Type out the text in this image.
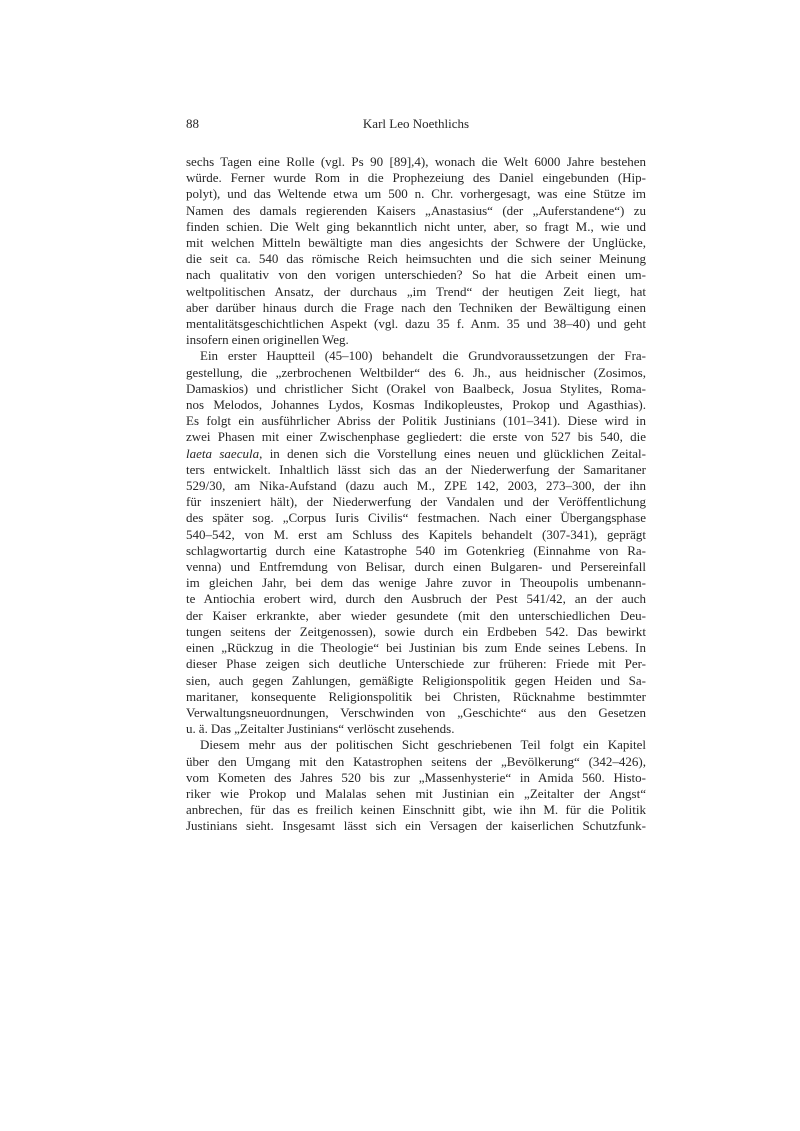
88	Karl Leo Noethlichs
sechs Tagen eine Rolle (vgl. Ps 90 [89],4), wonach die Welt 6000 Jahre bestehen
würde. Ferner wurde Rom in die Prophezeiung des Daniel eingebunden (Hip-
polyt), und das Weltende etwa um 500 n. Chr. vorhergesagt, was eine Stütze im
Namen des damals regierenden Kaisers „Anastasius“ (der „Auferstandene“) zu
finden schien. Die Welt ging bekanntlich nicht unter, aber, so fragt M., wie und
mit welchen Mitteln bewältigte man dies angesichts der Schwere der Unglücke,
die seit ca. 540 das römische Reich heimsuchten und die sich seiner Meinung
nach qualitativ von den vorigen unterschieden? So hat die Arbeit einen um-
weltpolitischen Ansatz, der durchaus „im Trend“ der heutigen Zeit liegt, hat
aber darüber hinaus durch die Frage nach den Techniken der Bewältigung einen
mentalitätsgeschichtlichen Aspekt (vgl. dazu 35 f. Anm. 35 und 38–40) und geht
insofern einen originellen Weg.
Ein erster Hauptteil (45–100) behandelt die Grundvoraussetzungen der Fra-
gestellung, die „zerbrochenen Weltbilder“ des 6. Jh., aus heidnischer (Zosimos,
Damaskios) und christlicher Sicht (Orakel von Baalbeck, Josua Stylites, Roma-
nos Melodos, Johannes Lydos, Kosmas Indikopleustes, Prokop und Agasthias).
Es folgt ein ausführlicher Abriss der Politik Justinians (101–341). Diese wird in
zwei Phasen mit einer Zwischenphase gegliedert: die erste von 527 bis 540, die
laeta saecula, in denen sich die Vorstellung eines neuen und glücklichen Zeital-
ters entwickelt. Inhaltlich lässt sich das an der Niederwerfung der Samaritaner
529/30, am Nika-Aufstand (dazu auch M., ZPE 142, 2003, 273–300, der ihn
für inszeniert hält), der Niederwerfung der Vandalen und der Veröffentlichung
des später sog. „Corpus Iuris Civilis“ festmachen. Nach einer Übergangsphase
540–542, von M. erst am Schluss des Kapitels behandelt (307-341), geprägt
schlagwortartig durch eine Katastrophe 540 im Gotenkrieg (Einnahme von Ra-
venna) und Entfremdung von Belisar, durch einen Bulgaren- und Persereinfall
im gleichen Jahr, bei dem das wenige Jahre zuvor in Theoupolis umbenann-
te Antiochia erobert wird, durch den Ausbruch der Pest 541/42, an der auch
der Kaiser erkrankte, aber wieder gesundete (mit den unterschiedlichen Deu-
tungen seitens der Zeitgenossen), sowie durch ein Erdbeben 542. Das bewirkt
einen „Rückzug in die Theologie“ bei Justinian bis zum Ende seines Lebens. In
dieser Phase zeigen sich deutliche Unterschiede zur früheren: Friede mit Per-
sien, auch gegen Zahlungen, gemäßigte Religionspolitik gegen Heiden und Sa-
maritaner, konsequente Religionspolitik bei Christen, Rücknahme bestimmter
Verwaltungsneuordnungen, Verschwinden von „Geschichte“ aus den Gesetzen
u. ä. Das „Zeitalter Justinians“ verlöscht zusehends.
Diesem mehr aus der politischen Sicht geschriebenen Teil folgt ein Kapitel
über den Umgang mit den Katastrophen seitens der „Bevölkerung“ (342–426),
vom Kometen des Jahres 520 bis zur „Massenhysterie“ in Amida 560. Histo-
riker wie Prokop und Malalas sehen mit Justinian ein „Zeitalter der Angst“
anbrechen, für das es freilich keinen Einschnitt gibt, wie ihn M. für die Politik
Justinians sieht. Insgesamt lässt sich ein Versagen der kaiserlichen Schutzfunk-
